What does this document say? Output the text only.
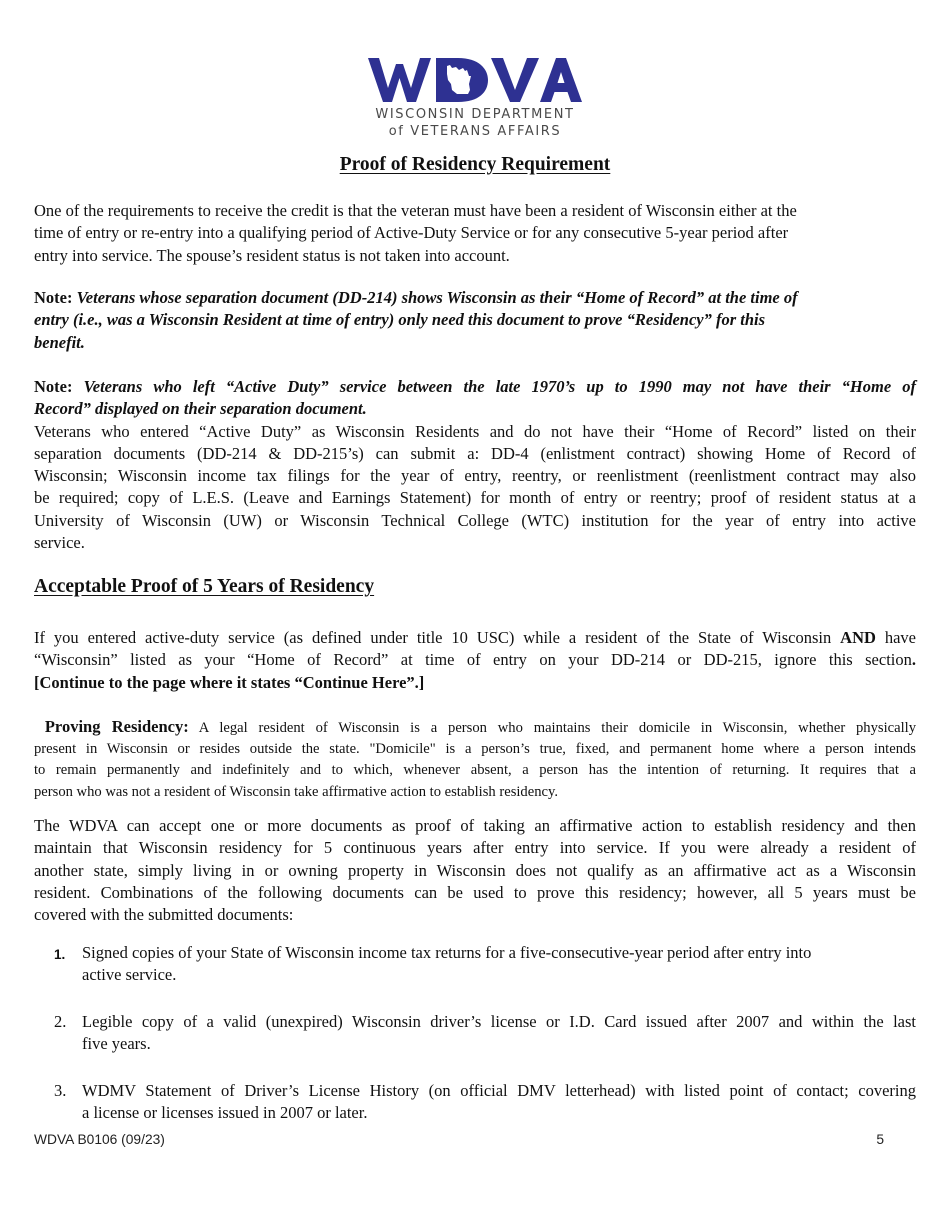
WISCONSIN DEPARTMENT
of VETERANS AFFAIRS
Proof of Residency Requirement
One of the requirements to receive the credit is that the veteran must have been a resident of Wisconsin either at the
time of entry or re-entry into a qualifying period of Active-Duty Service or for any consecutive 5-year period after
entry into service. The spouse’s resident status is not taken into account.
Note: Veterans whose separation document (DD-214) shows Wisconsin as their “Home of Record” at the time of
entry (i.e., was a Wisconsin Resident at time of entry) only need this document to prove “Residency” for this
benefit.
Note: Veterans who left “Active Duty” service between the late 1970’s up to 1990 may not have their “Home of
Record” displayed on their separation document.
Veterans who entered “Active Duty” as Wisconsin Residents and do not have their “Home of Record” listed on their
separation documents (DD-214 & DD-215’s) can submit a: DD-4 (enlistment contract) showing Home of Record of
Wisconsin; Wisconsin income tax filings for the year of entry, reentry, or reenlistment (reenlistment contract may also
be required; copy of L.E.S. (Leave and Earnings Statement) for month of entry or reentry; proof of resident status at a
University of Wisconsin (UW) or Wisconsin Technical College (WTC) institution for the year of entry into active
service.
Acceptable Proof of 5 Years of Residency
If you entered active-duty service (as defined under title 10 USC) while a resident of the State of Wisconsin AND have
“Wisconsin” listed as your “Home of Record” at time of entry on your DD-214 or DD-215, ignore this section.
[Continue to the page where it states “Continue Here”.]
Proving Residency: A legal resident of Wisconsin is a person who maintains their domicile in Wisconsin, whether physically
present in Wisconsin or resides outside the state. "Domicile" is a person’s true, fixed, and permanent home where a person intends
to remain permanently and indefinitely and to which, whenever absent, a person has the intention of returning. It requires that a
person who was not a resident of Wisconsin take affirmative action to establish residency.
The WDVA can accept one or more documents as proof of taking an affirmative action to establish residency and then
maintain that Wisconsin residency for 5 continuous years after entry into service. If you were already a resident of
another state, simply living in or owning property in Wisconsin does not qualify as an affirmative act as a Wisconsin
resident. Combinations of the following documents can be used to prove this residency; however, all 5 years must be
covered with the submitted documents:
1. Signed copies of your State of Wisconsin income tax returns for a five-consecutive-year period after entry into
active service.
2. Legible copy of a valid (unexpired) Wisconsin driver’s license or I.D. Card issued after 2007 and within the last
five years.
3. WDMV Statement of Driver’s License History (on official DMV letterhead) with listed point of contact; covering
a license or licenses issued in 2007 or later.
WDVA B0106 (09/23)	5
